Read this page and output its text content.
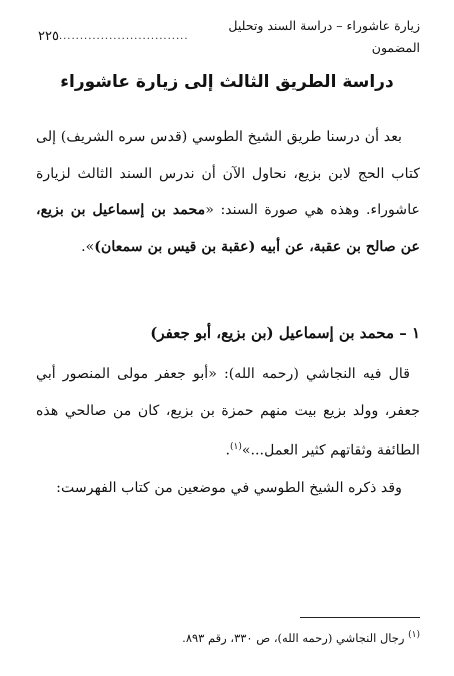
زيارة عاشوراء – دراسة السند وتحليل المضمون
...............................
٢٢٥
دراسة الطريق الثالث إلى زيارة عاشوراء
بعد أن درسنا طريق الشيخ الطوسي (قدس سره الشريف) إلى كتاب الحج لابن بزيع، نحاول الآن أن ندرس السند الثالث لزيارة عاشوراء. وهذه هي صورة السند: «محمد بن إسماعيل بن بزيع، عن صالح بن عقبة، عن أبيه (عقبة بن قيس بن سمعان)».
١ – محمد بن إسماعيل (بن بزيع، أبو جعفر)
قال فيه النجاشي (رحمه الله): «أبو جعفر مولى المنصور أبي جعفر، وولد بزيع بيت منهم حمزة بن بزيع، كان من صالحي هذه الطائفة وثقاتهم كثير العمل...»$^{(١)}$.
وقد ذكره الشيخ الطوسي في موضعين من كتاب الفهرست:
$^{(١)}$ رجال النجاشي (رحمه الله)، ص ٣٣٠، رقم ٨٩٣.
